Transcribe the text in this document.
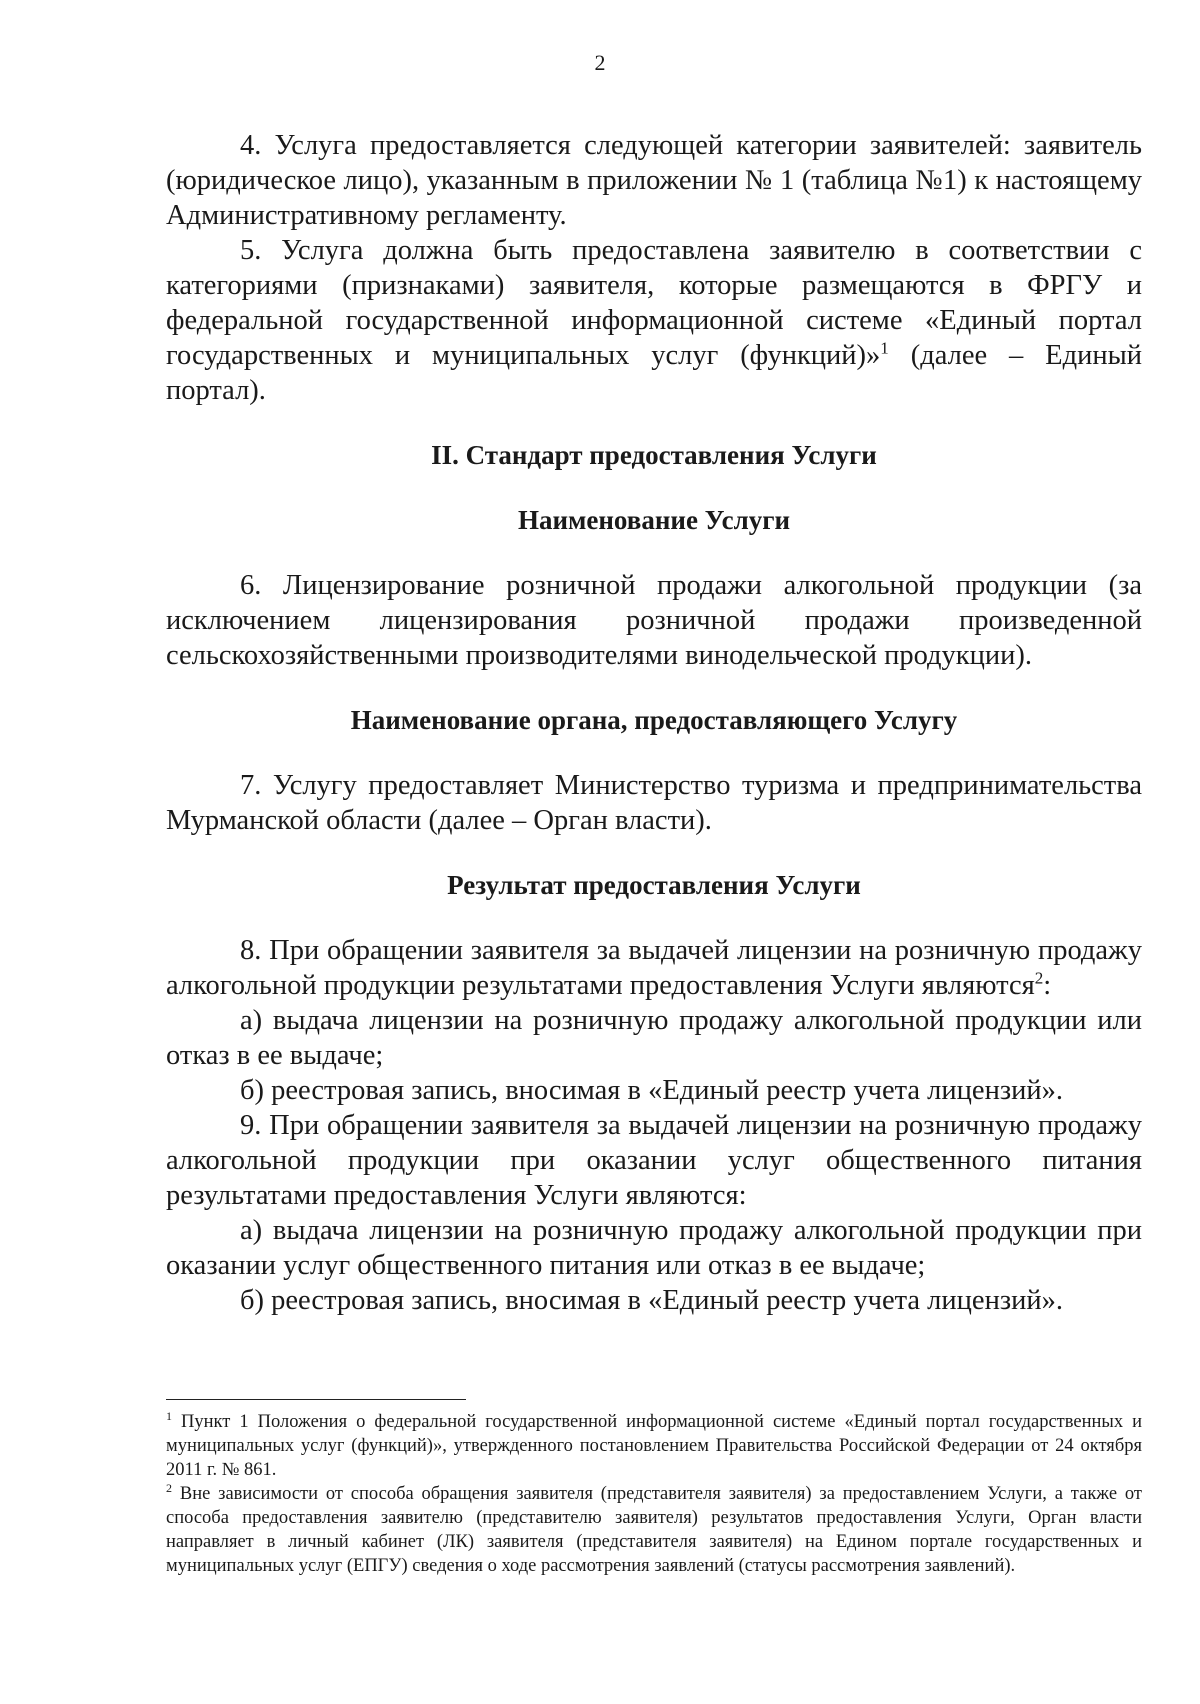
2

4. Услуга предоставляется следующей категории заявителей: заявитель (юридическое лицо), указанным в приложении № 1 (таблица №1) к настоящему Административному регламенту.

5. Услуга должна быть предоставлена заявителю в соответствии с категориями (признаками) заявителя, которые размещаются в ФРГУ и федеральной государственной информационной системе «Единый портал государственных и муниципальных услуг (функций)»$^1$ (далее – Единый портал).

II. Стандарт предоставления Услуги
Наименование Услуги

6. Лицензирование розничной продажи алкогольной продукции (за исключением лицензирования розничной продажи произведенной сельскохозяйственными производителями винодельческой продукции).

Наименование органа, предоставляющего Услугу

7. Услугу предоставляет Министерство туризма и предпринимательства Мурманской области (далее – Орган власти).

Результат предоставления Услуги

8. При обращении заявителя за выдачей лицензии на розничную продажу алкогольной продукции результатами предоставления Услуги являются$^2$:

а) выдача лицензии на розничную продажу алкогольной продукции или отказ в ее выдаче;

б) реестровая запись, вносимая в «Единый реестр учета лицензий».

9. При обращении заявителя за выдачей лицензии на розничную продажу алкогольной продукции при оказании услуг общественного питания результатами предоставления Услуги являются:

а) выдача лицензии на розничную продажу алкогольной продукции при оказании услуг общественного питания или отказ в ее выдаче;

б) реестровая запись, вносимая в «Единый реестр учета лицензий».

$^1$ Пункт 1 Положения о федеральной государственной информационной системе «Единый портал государственных и муниципальных услуг (функций)», утвержденного постановлением Правительства Российской Федерации от 24 октября 2011 г. № 861.

$^2$ Вне зависимости от способа обращения заявителя (представителя заявителя) за предоставлением Услуги, а также от способа предоставления заявителю (представителю заявителя) результатов предоставления Услуги, Орган власти направляет в личный кабинет (ЛК) заявителя (представителя заявителя) на Едином портале государственных и муниципальных услуг (ЕПГУ) сведения о ходе рассмотрения заявлений (статусы рассмотрения заявлений).
